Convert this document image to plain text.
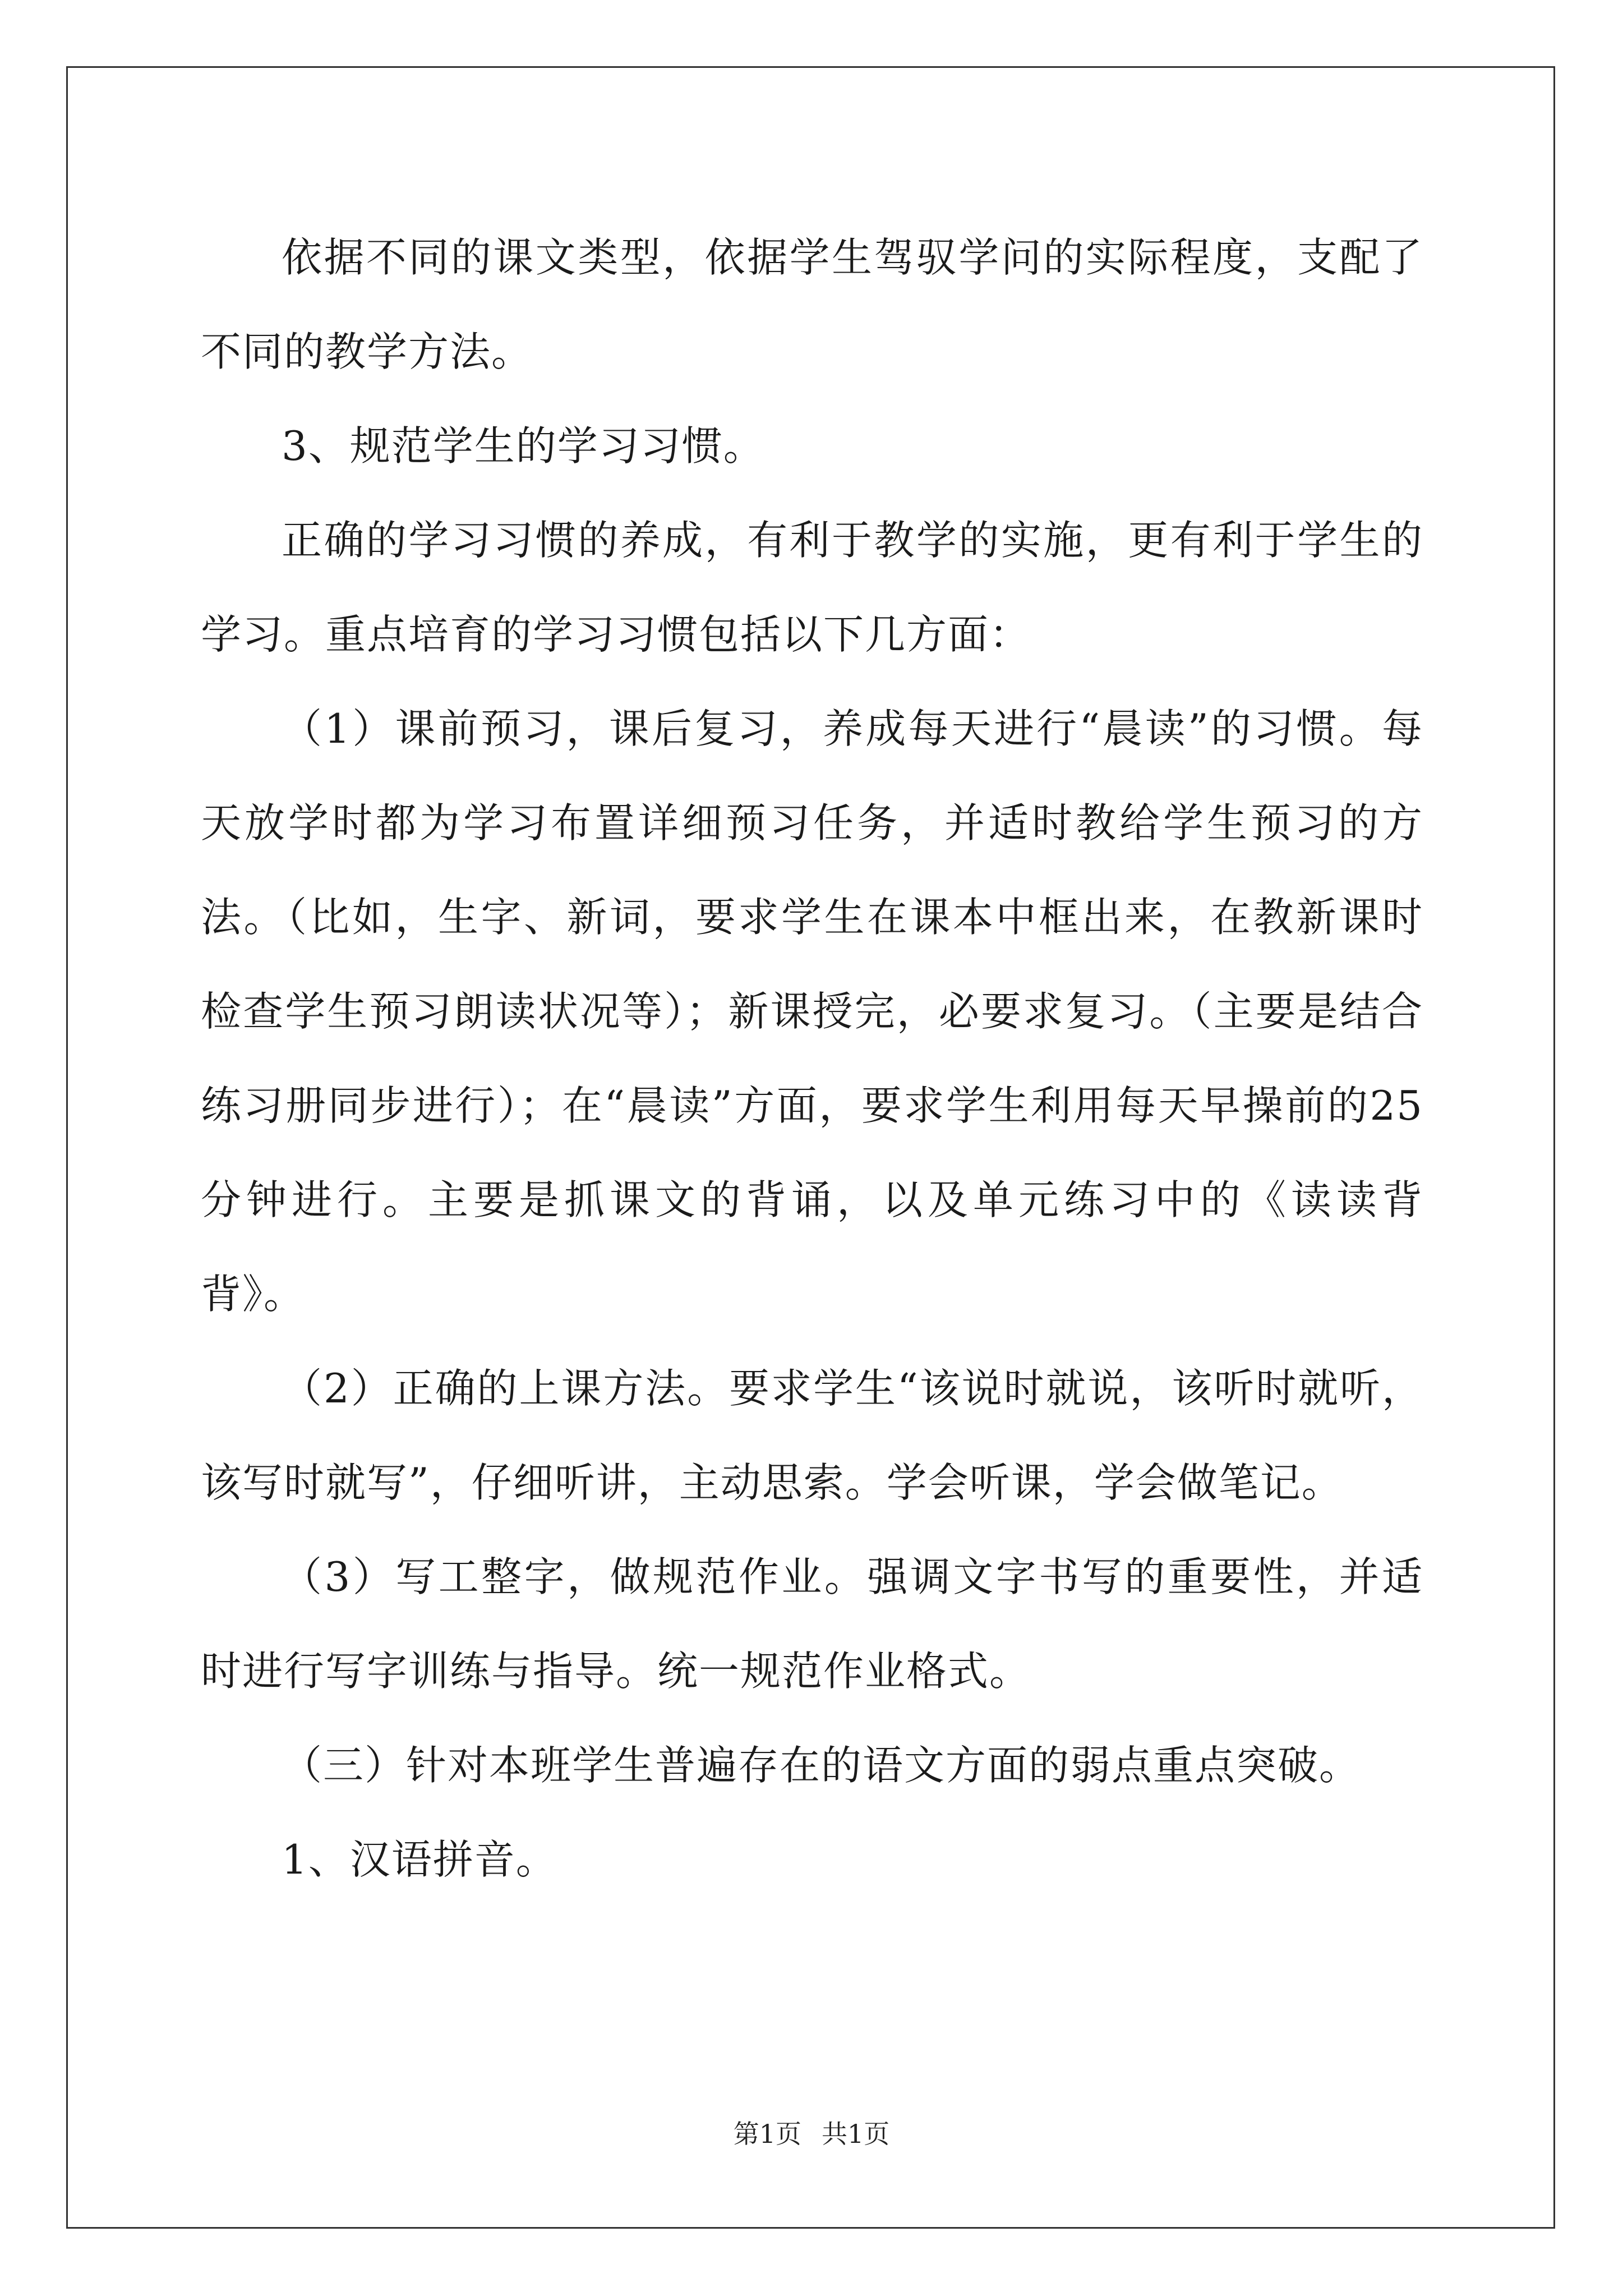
依据不同的课文类型，依据学生驾驭学问的实际程度，支配了不同的教学方法。

3、规范学生的学习习惯。

正确的学习习惯的养成，有利于教学的实施，更有利于学生的学习。重点培育的学习习惯包括以下几方面：

（1）课前预习，课后复习，养成每天进行“晨读”的习惯。每天放学时都为学习布置详细预习任务，并适时教给学生预习的方法。（比如，生字、新词，要求学生在课本中框出来，在教新课时检查学生预习朗读状况等）；新课授完，必要求复习。（主要是结合练习册同步进行）；在“晨读”方面，要求学生利用每天早操前的25分钟进行。主要是抓课文的背诵，以及单元练习中的《读读背背》。

（2）正确的上课方法。要求学生“该说时就说，该听时就听，该写时就写”，仔细听讲，主动思索。学会听课，学会做笔记。

（3）写工整字，做规范作业。强调文字书写的重要性，并适时进行写字训练与指导。统一规范作业格式。

（三）针对本班学生普遍存在的语文方面的弱点重点突破。

1、汉语拼音。

第1页 共1页
